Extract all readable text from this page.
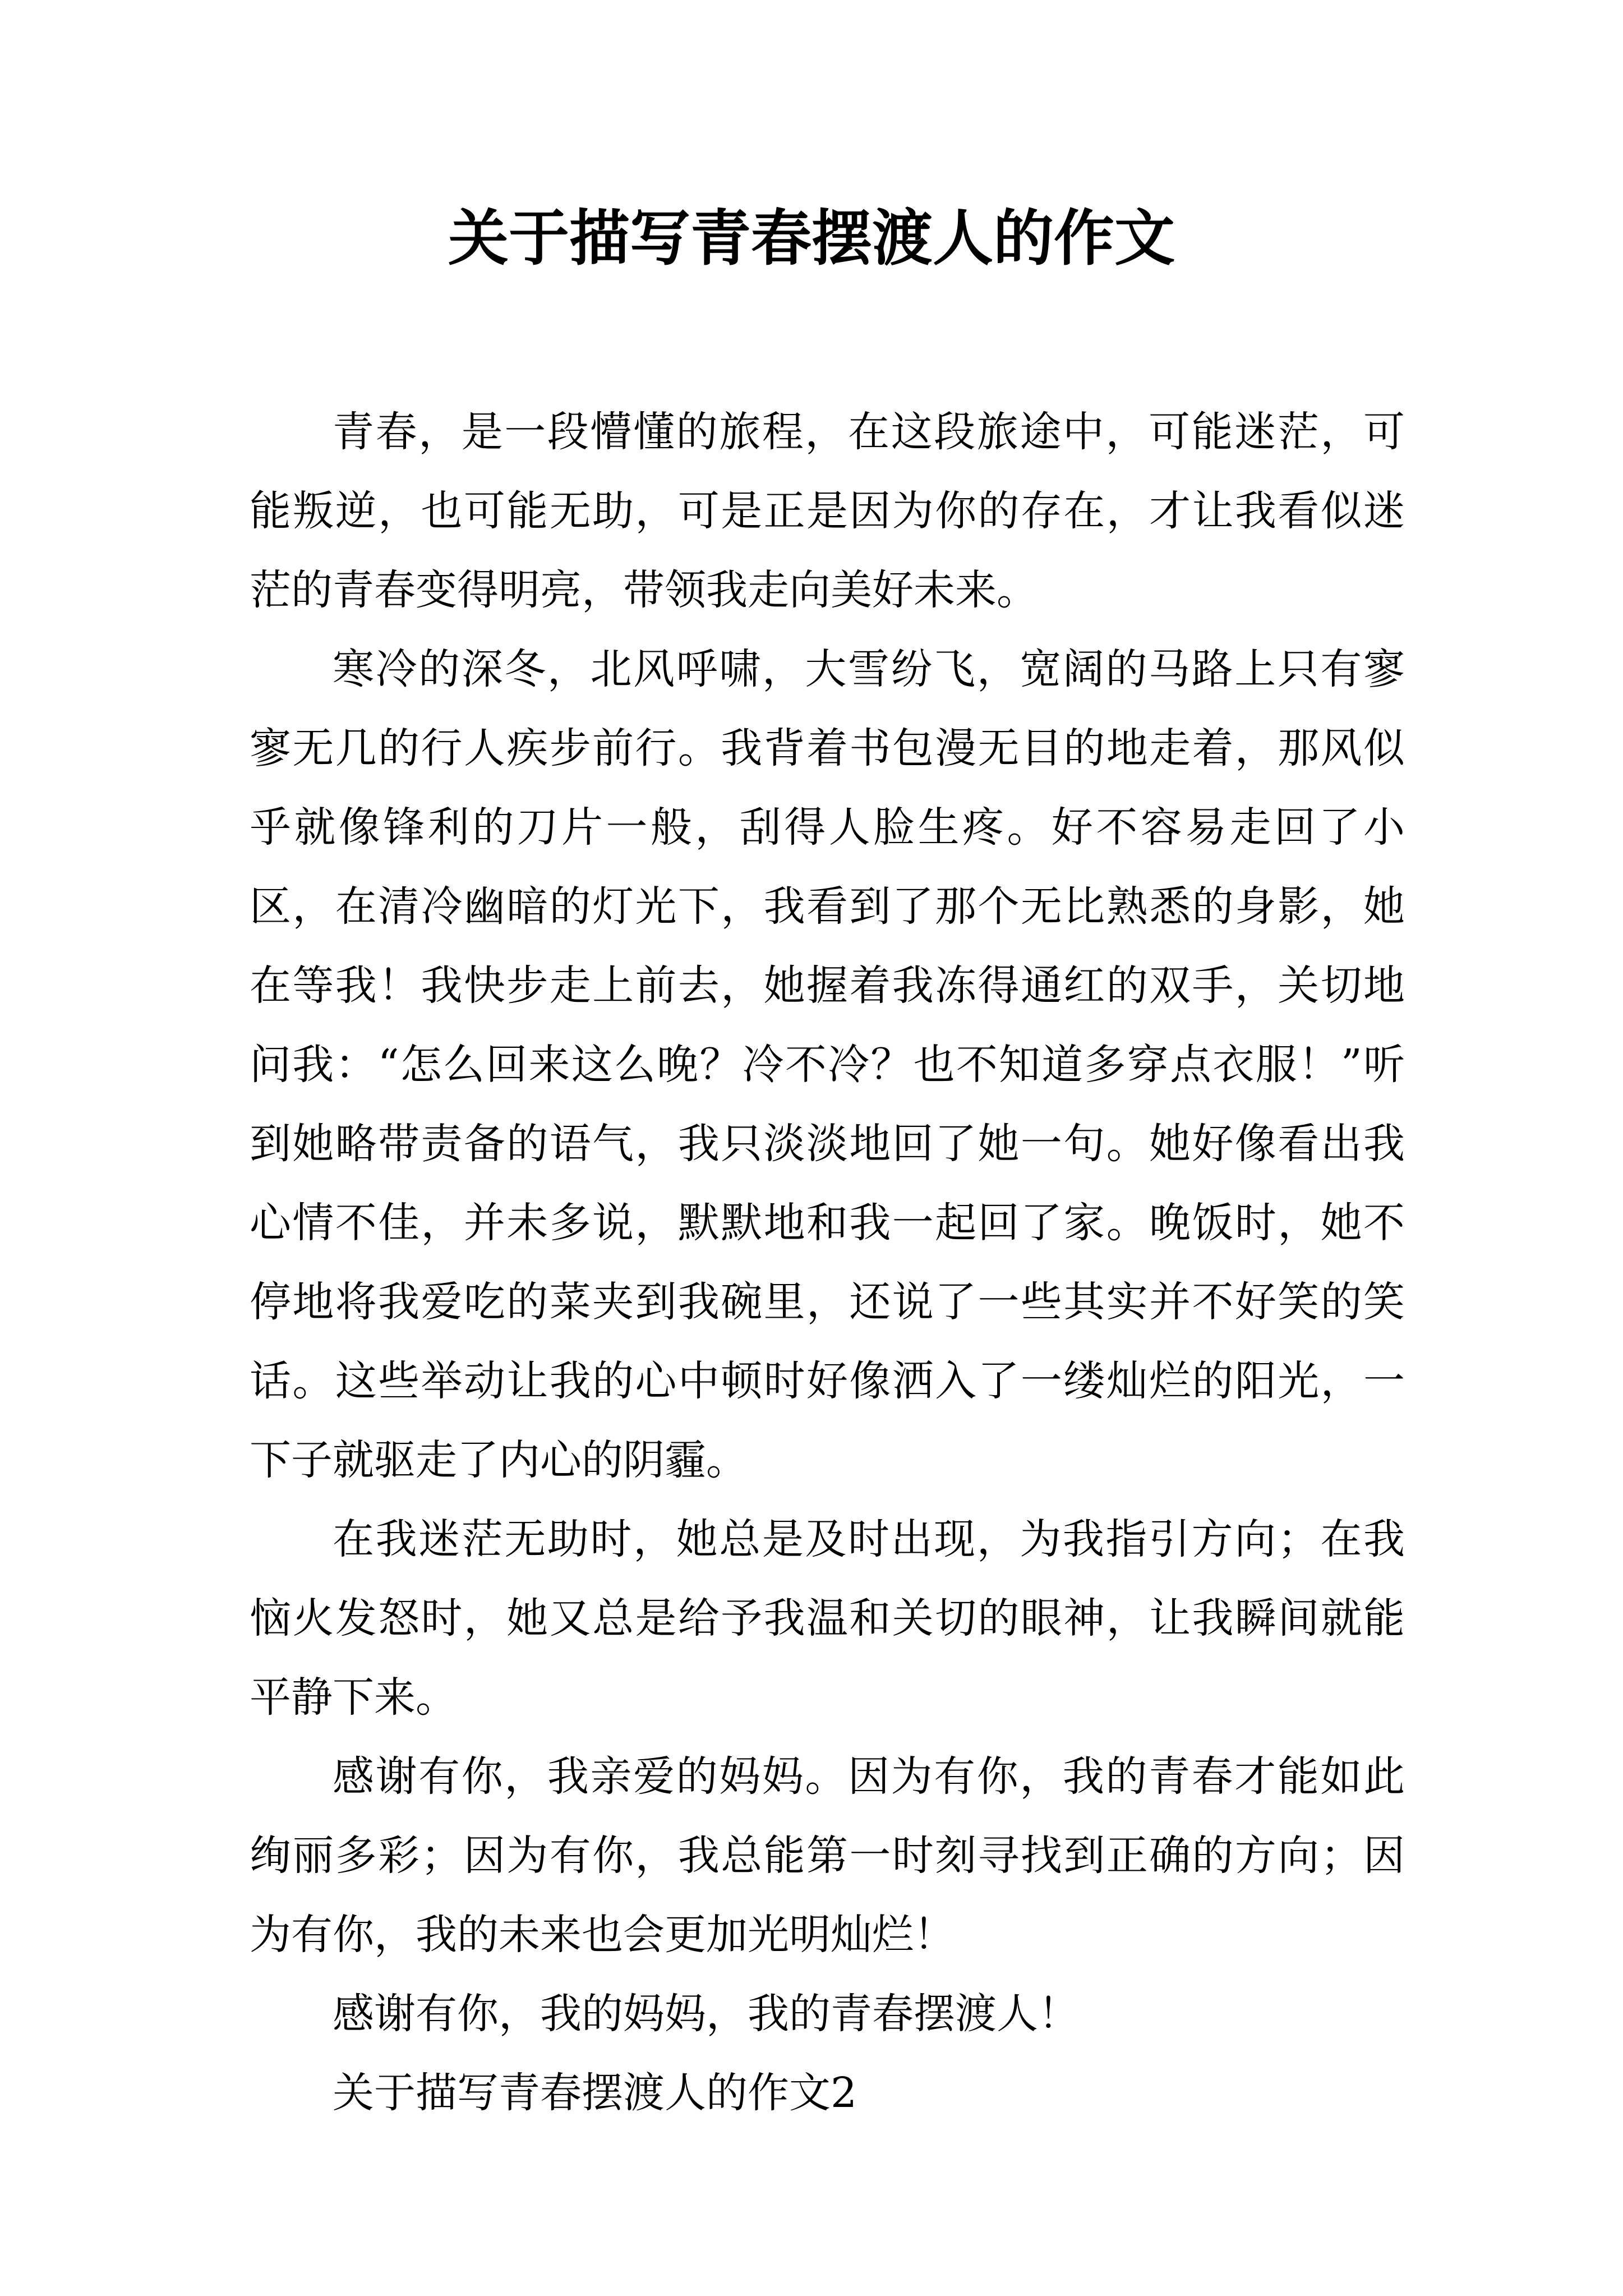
关于描写青春摆渡人的作文

青春，是一段懵懂的旅程，在这段旅途中，可能迷茫，可能叛逆，也可能无助，可是正是因为你的存在，才让我看似迷茫的青春变得明亮，带领我走向美好未来。

寒冷的深冬，北风呼啸，大雪纷飞，宽阔的马路上只有寥寥无几的行人疾步前行。我背着书包漫无目的地走着，那风似乎就像锋利的刀片一般，刮得人脸生疼。好不容易走回了小区，在清冷幽暗的灯光下，我看到了那个无比熟悉的身影，她在等我！我快步走上前去，她握着我冻得通红的双手，关切地问我：“怎么回来这么晚？冷不冷？也不知道多穿点衣服！”听到她略带责备的语气，我只淡淡地回了她一句。她好像看出我心情不佳，并未多说，默默地和我一起回了家。晚饭时，她不停地将我爱吃的菜夹到我碗里，还说了一些其实并不好笑的笑话。这些举动让我的心中顿时好像洒入了一缕灿烂的阳光，一下子就驱走了内心的阴霾。

在我迷茫无助时，她总是及时出现，为我指引方向；在我恼火发怒时，她又总是给予我温和关切的眼神，让我瞬间就能平静下来。

感谢有你，我亲爱的妈妈。因为有你，我的青春才能如此绚丽多彩；因为有你，我总能第一时刻寻找到正确的方向；因为有你，我的未来也会更加光明灿烂！

感谢有你，我的妈妈，我的青春摆渡人！

关于描写青春摆渡人的作文2
